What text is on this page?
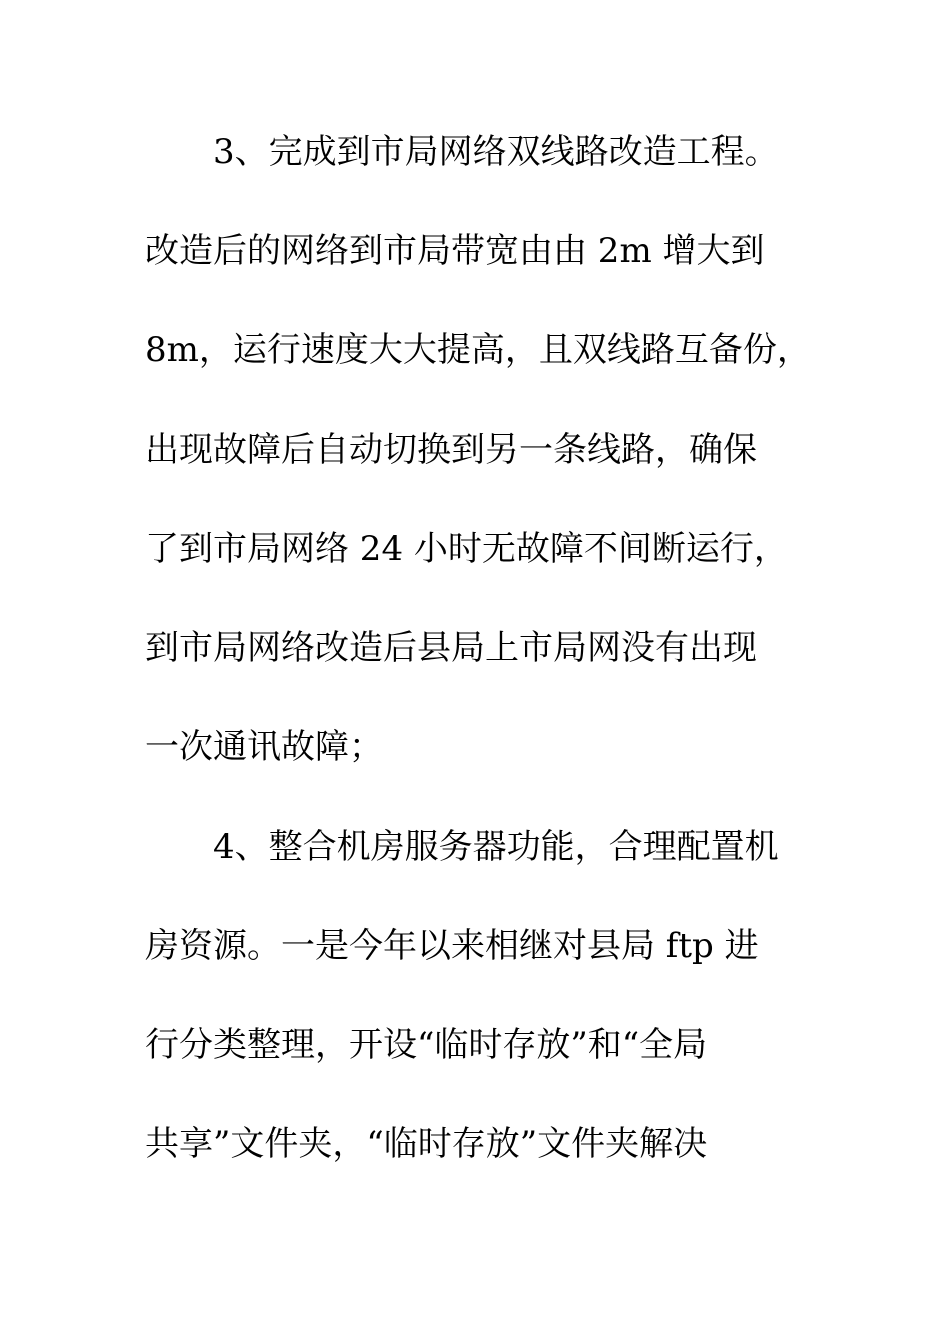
3、完成到市局网络双线路改造工程。
改造后的网络到市局带宽由由 2m 增大到
8m，运行速度大大提高，且双线路互备份，
出现故障后自动切换到另一条线路，确保
了到市局网络 24 小时无故障不间断运行，
到市局网络改造后县局上市局网没有出现
一次通讯故障；
4、整合机房服务器功能，合理配置机
房资源。一是今年以来相继对县局 ftp 进
行分类整理，开设“临时存放”和“全局
共享”文件夹，“临时存放”文件夹解决
